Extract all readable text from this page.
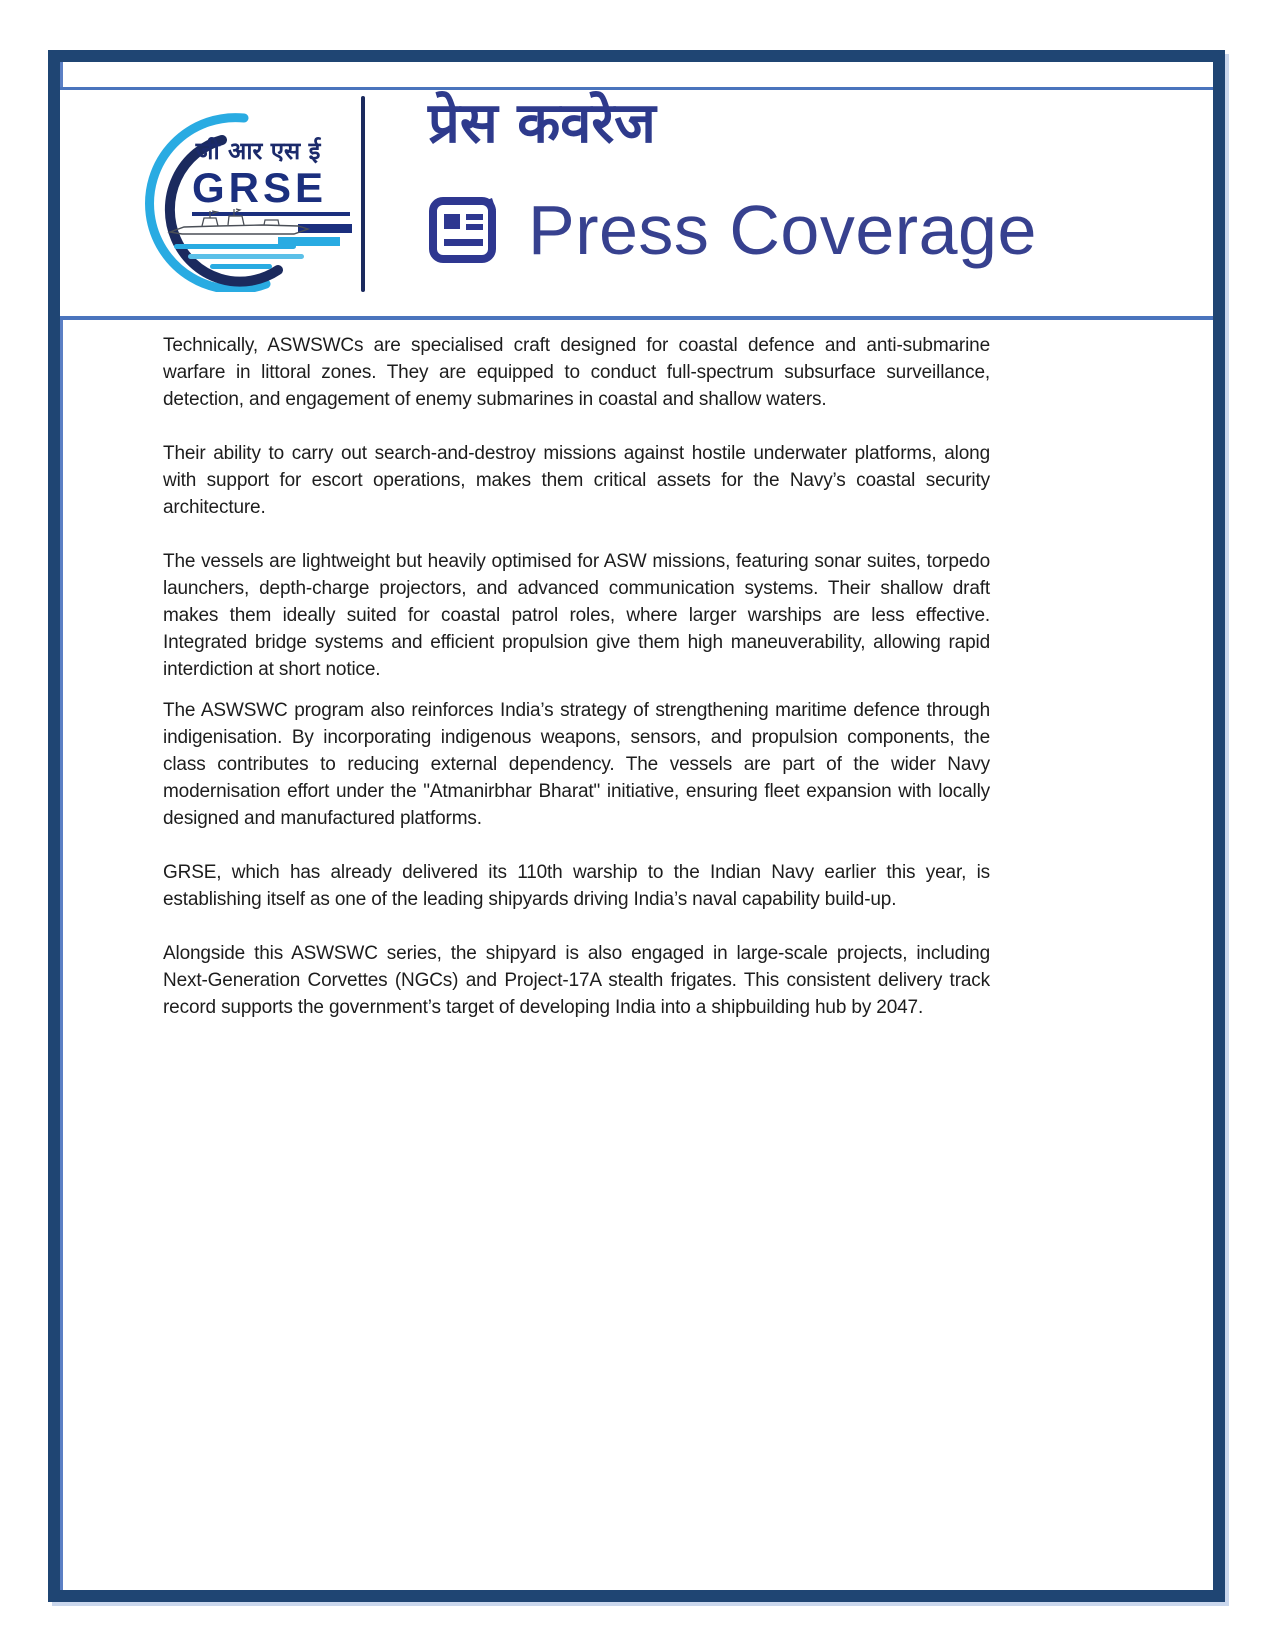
जी आर एस ई
GRSE
प्रेस कवरेज
Press Coverage

Technically, ASWSWCs are specialised craft designed for coastal defence and anti-submarine warfare in littoral zones. They are equipped to conduct full-spectrum subsurface surveillance, detection, and engagement of enemy submarines in coastal and shallow waters.

Their ability to carry out search-and-destroy missions against hostile underwater platforms, along with support for escort operations, makes them critical assets for the Navy’s coastal security architecture.

The vessels are lightweight but heavily optimised for ASW missions, featuring sonar suites, torpedo launchers, depth-charge projectors, and advanced communication systems. Their shallow draft makes them ideally suited for coastal patrol roles, where larger warships are less effective. Integrated bridge systems and efficient propulsion give them high maneuverability, allowing rapid interdiction at short notice.

The ASWSWC program also reinforces India’s strategy of strengthening maritime defence through indigenisation. By incorporating indigenous weapons, sensors, and propulsion components, the class contributes to reducing external dependency. The vessels are part of the wider Navy modernisation effort under the "Atmanirbhar Bharat" initiative, ensuring fleet expansion with locally designed and manufactured platforms.

GRSE, which has already delivered its 110th warship to the Indian Navy earlier this year, is establishing itself as one of the leading shipyards driving India’s naval capability build-up.

Alongside this ASWSWC series, the shipyard is also engaged in large-scale projects, including Next-Generation Corvettes (NGCs) and Project-17A stealth frigates. This consistent delivery track record supports the government’s target of developing India into a shipbuilding hub by 2047.
